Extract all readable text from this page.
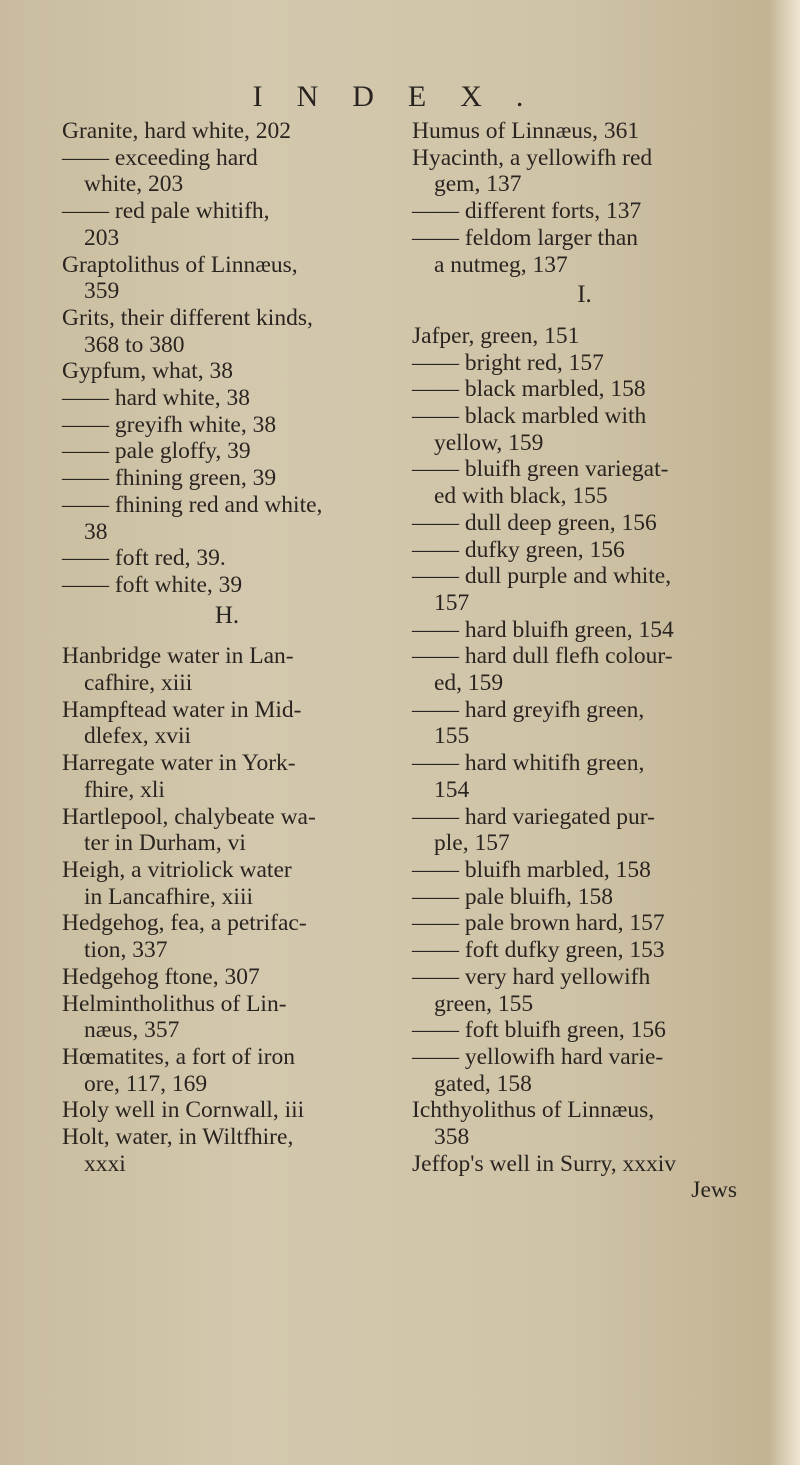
INDEX.
Granite, hard white, 202
—— exceeding hard
white, 203
—— red pale whitifh,
203
Graptolithus of Linnæus,
359
Grits, their different kinds,
368 to 380
Gypfum, what, 38
—— hard white, 38
—— greyifh white, 38
—— pale gloffy, 39
—— fhining green, 39
—— fhining red and white,
38
—— foft red, 39.
—— foft white, 39
H.
Hanbridge water in Lan-
cafhire, xiii
Hampftead water in Mid-
dlefex, xvii
Harregate water in York-
fhire, xli
Hartlepool, chalybeate wa-
ter in Durham, vi
Heigh, a vitriolick water
in Lancafhire, xiii
Hedgehog, fea, a petrifac-
tion, 337
Hedgehog ftone, 307
Helmintholithus of Lin-
næus, 357
Hœmatites, a fort of iron
ore, 117, 169
Holy well in Cornwall, iii
Holt, water, in Wiltfhire,
xxxi
Humus of Linnæus, 361
Hyacinth, a yellowifh red
gem, 137
—— different forts, 137
—— feldom larger than
a nutmeg, 137
I.
Jafper, green, 151
—— bright red, 157
—— black marbled, 158
—— black marbled with
yellow, 159
—— bluifh green variegat-
ed with black, 155
—— dull deep green, 156
—— dufky green, 156
—— dull purple and white,
157
—— hard bluifh green, 154
—— hard dull flefh colour-
ed, 159
—— hard greyifh green,
155
—— hard whitifh green,
154
—— hard variegated pur-
ple, 157
—— bluifh marbled, 158
—— pale bluifh, 158
—— pale brown hard, 157
—— foft dufky green, 153
—— very hard yellowifh
green, 155
—— foft bluifh green, 156
—— yellowifh hard varie-
gated, 158
Ichthyolithus of Linnæus,
358
Jeffop's well in Surry, xxxiv
Jews
